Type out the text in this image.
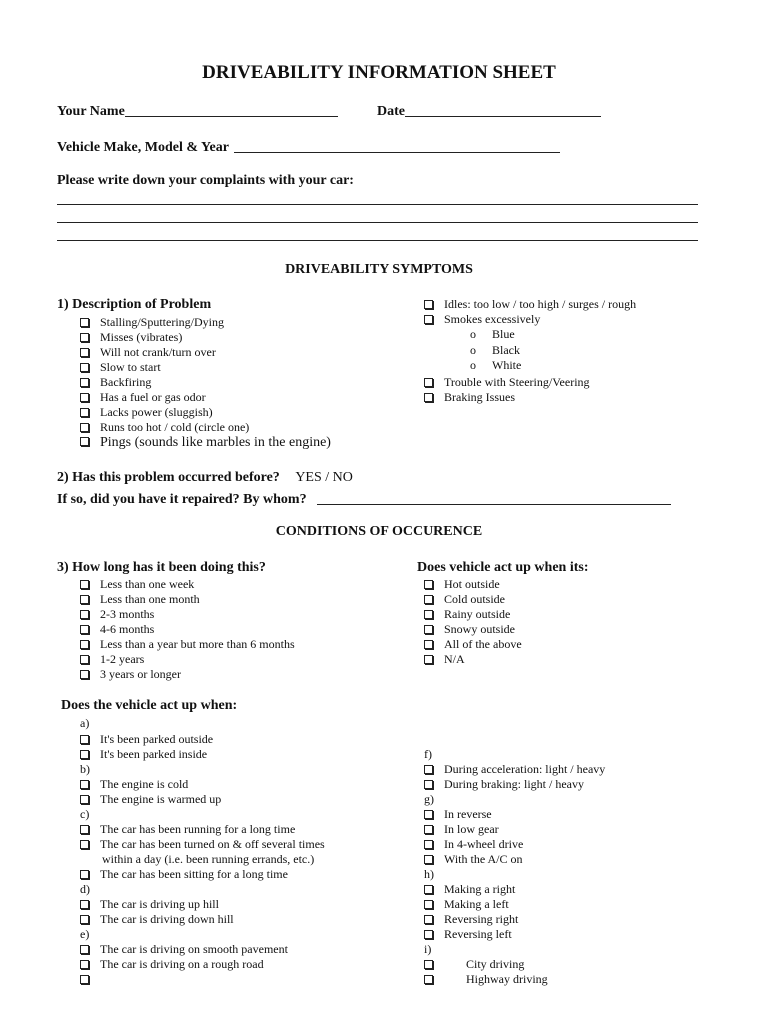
DRIVEABILITY INFORMATION SHEET
Your Name	Date
Vehicle Make, Model & Year
Please write down your complaints with your car:
DRIVEABILITY SYMPTOMS
1) Description of Problem
Stalling/Sputtering/Dying
Misses (vibrates)
Will not crank/turn over
Slow to start
Backfiring
Has a fuel or gas odor
Lacks power (sluggish)
Runs too hot / cold (circle one)
Pings (sounds like marbles in the engine)
Idles: too low / too high / surges / rough
Smokes excessively
o Blue
o Black
o White
Trouble with Steering/Veering
Braking Issues
2) Has this problem occurred before? YES / NO
If so, did you have it repaired? By whom?
CONDITIONS OF OCCURENCE
3) How long has it been doing this?	Does vehicle act up when its:
Less than one week
Less than one month
2-3 months
4-6 months
Less than a year but more than 6 months
1-2 years
3 years or longer
Hot outside
Cold outside
Rainy outside
Snowy outside
All of the above
N/A
Does the vehicle act up when:
a)
It's been parked outside
It's been parked inside
b)
The engine is cold
The engine is warmed up
c)
The car has been running for a long time
The car has been turned on & off several times
within a day (i.e. been running errands, etc.)
The car has been sitting for a long time
d)
The car is driving up hill
The car is driving down hill
e)
The car is driving on smooth pavement
The car is driving on a rough road
f)
During acceleration: light / heavy
During braking: light / heavy
g)
In reverse
In low gear
In 4-wheel drive
With the A/C on
h)
Making a right
Making a left
Reversing right
Reversing left
i)
City driving
Highway driving
